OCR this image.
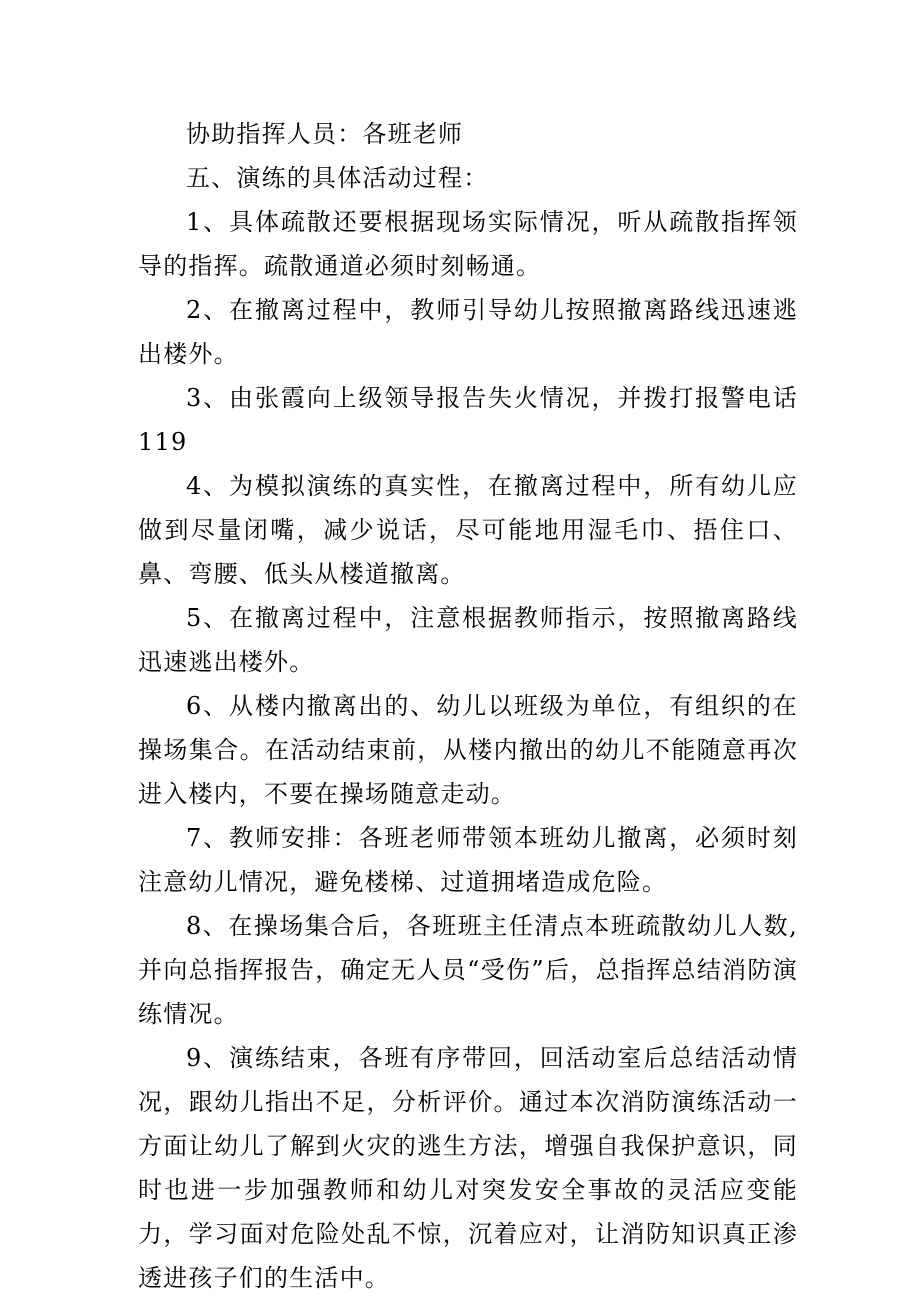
协助指挥人员：各班老师

五、演练的具体活动过程：

1、具体疏散还要根据现场实际情况，听从疏散指挥领导的指挥。疏散通道必须时刻畅通。

2、在撤离过程中，教师引导幼儿按照撤离路线迅速逃出楼外。

3、由张霞向上级领导报告失火情况，并拨打报警电话119

4、为模拟演练的真实性，在撤离过程中，所有幼儿应做到尽量闭嘴，减少说话，尽可能地用湿毛巾、捂住口、鼻、弯腰、低头从楼道撤离。

5、在撤离过程中，注意根据教师指示，按照撤离路线迅速逃出楼外。

6、从楼内撤离出的、幼儿以班级为单位，有组织的在操场集合。在活动结束前，从楼内撤出的幼儿不能随意再次进入楼内，不要在操场随意走动。

7、教师安排：各班老师带领本班幼儿撤离，必须时刻注意幼儿情况，避免楼梯、过道拥堵造成危险。

8、在操场集合后，各班班主任清点本班疏散幼儿人数,并向总指挥报告，确定无人员“受伤”后，总指挥总结消防演练情况。

9、演练结束，各班有序带回，回活动室后总结活动情况，跟幼儿指出不足，分析评价。通过本次消防演练活动一方面让幼儿了解到火灾的逃生方法，增强自我保护意识，同时也进一步加强教师和幼儿对突发安全事故的灵活应变能力，学习面对危险处乱不惊，沉着应对，让消防知识真正渗透进孩子们的生活中。
